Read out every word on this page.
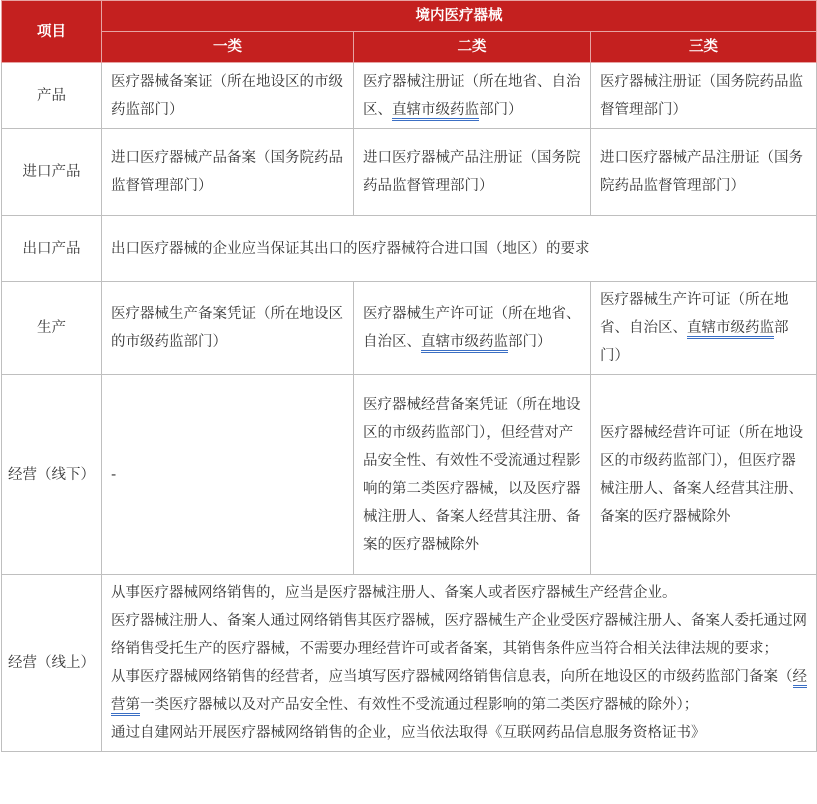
项目	境内医疗器械		
	一类	二类	三类
产品	医疗器械备案证（所在地设区的市级药监部门）	医疗器械注册证（所在地省、自治区、直辖市级药监部门）	医疗器械注册证（国务院药品监督管理部门）
进口产品	进口医疗器械产品备案（国务院药品监督管理部门）	进口医疗器械产品注册证（国务院药品监督管理部门）	进口医疗器械产品注册证（国务院药品监督管理部门）
出口产品	出口医疗器械的企业应当保证其出口的医疗器械符合进口国（地区）的要求		
生产	医疗器械生产备案凭证（所在地设区的市级药监部门）	医疗器械生产许可证（所在地省、自治区、直辖市级药监部门）	医疗器械生产许可证（所在地省、自治区、直辖市级药监部门）
经营（线下）	-	医疗器械经营备案凭证（所在地设区的市级药监部门），但经营对产品安全性、有效性不受流通过程影响的第二类医疗器械，以及医疗器械注册人、备案人经营其注册、备案的医疗器械除外	医疗器械经营许可证（所在地设区的市级药监部门），但医疗器械注册人、备案人经营其注册、备案的医疗器械除外
经营（线上）	从事医疗器械网络销售的，应当是医疗器械注册人、备案人或者医疗器械生产经营企业。
医疗器械注册人、备案人通过网络销售其医疗器械，医疗器械生产企业受医疗器械注册人、备案人委托通过网络销售受托生产的医疗器械，不需要办理经营许可或者备案，其销售条件应当符合相关法律法规的要求；
从事医疗器械网络销售的经营者，应当填写医疗器械网络销售信息表，向所在地设区的市级药监部门备案（经营第一类医疗器械以及对产品安全性、有效性不受流通过程影响的第二类医疗器械的除外）；
通过自建网站开展医疗器械网络销售的企业，应当依法取得《互联网药品信息服务资格证书》		
